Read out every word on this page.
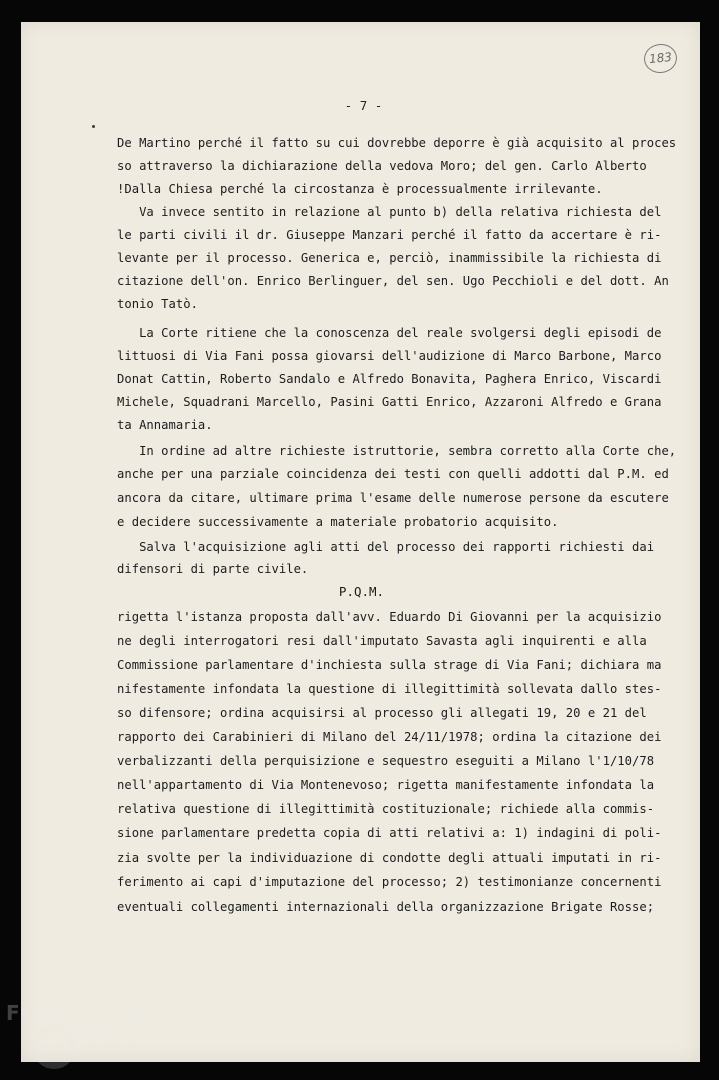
183
- 7 -
De Martino perché il fatto su cui dovrebbe deporre è già acquisito al proces
so attraverso la dichiarazione della vedova Moro; del gen. Carlo Alberto
!Dalla Chiesa perché la circostanza è processualmente irrilevante.
Va invece sentito in relazione al punto b) della relativa richiesta del
le parti civili il dr. Giuseppe Manzari perché il fatto da accertare è ri-
levante per il processo. Generica e, perciò, inammissibile la richiesta di
citazione dell'on. Enrico Berlinguer, del sen. Ugo Pecchioli e del dott. An
tonio Tatò.
La Corte ritiene che la conoscenza del reale svolgersi degli episodi de
littuosi di Via Fani possa giovarsi dell'audizione di Marco Barbone, Marco
Donat Cattin, Roberto Sandalo e Alfredo Bonavita, Paghera Enrico, Viscardi
Michele, Squadrani Marcello, Pasini Gatti Enrico, Azzaroni Alfredo e Grana
ta Annamaria.
In ordine ad altre richieste istruttorie, sembra corretto alla Corte che,
anche per una parziale coincidenza dei testi con quelli addotti dal P.M. ed
ancora da citare, ultimare prima l'esame delle numerose persone da escutere
e decidere successivamente a materiale probatorio acquisito.
Salva l'acquisizione agli atti del processo dei rapporti richiesti dai
difensori di parte civile.
P.Q.M.
rigetta l'istanza proposta dall'avv. Eduardo Di Giovanni per la acquisizio
ne degli interrogatori resi dall'imputato Savasta agli inquirenti e alla
Commissione parlamentare d'inchiesta sulla strage di Via Fani; dichiara ma
nifestamente infondata la questione di illegittimità sollevata dallo stes-
so difensore; ordina acquisirsi al processo gli allegati 19, 20 e 21 del
rapporto dei Carabinieri di Milano del 24/11/1978; ordina la citazione dei
verbalizzanti della perquisizione e sequestro eseguiti a Milano l'1/10/78
nell'appartamento di Via Montenevoso; rigetta manifestamente infondata la
relativa questione di illegittimità costituzionale; richiede alla commis-
sione parlamentare predetta copia di atti relativi a: 1) indagini di poli-
zia svolte per la individuazione di condotte degli attuali imputati in ri-
ferimento ai capi d'imputazione del processo; 2) testimonianze concernenti
eventuali collegamenti internazionali della organizzazione Brigate Rosse;
FONDAZIONE
RAMSCI
onlus
